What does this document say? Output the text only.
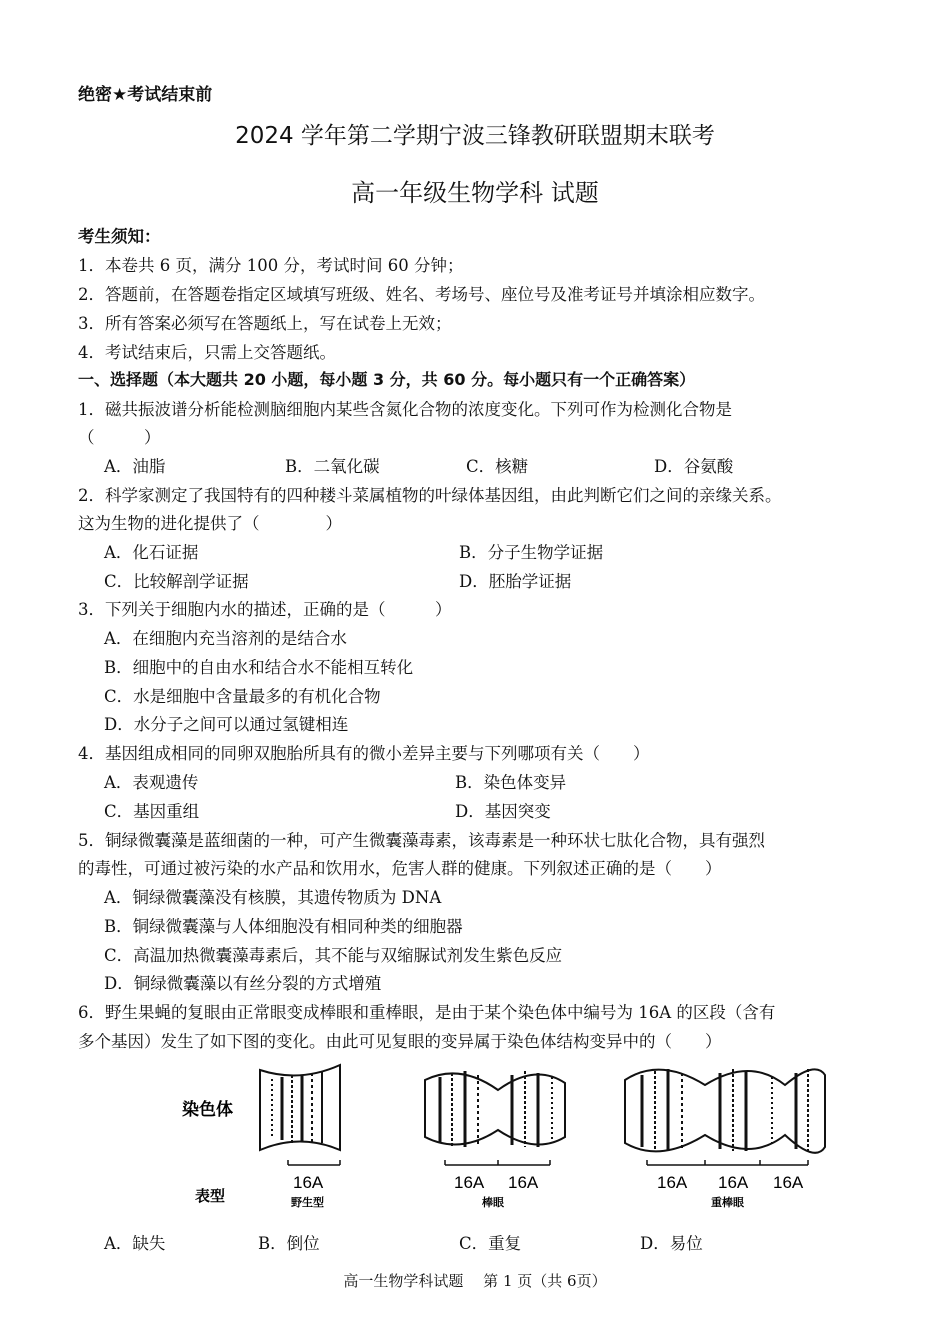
绝密★考试结束前
2024 学年第二学期宁波三锋教研联盟期末联考
高一年级生物学科 试题
考生须知：
1．本卷共 6 页，满分 100 分，考试时间 60 分钟；
2．答题前，在答题卷指定区域填写班级、姓名、考场号、座位号及准考证号并填涂相应数字。
3．所有答案必须写在答题纸上，写在试卷上无效；
4．考试结束后，只需上交答题纸。
一、选择题（本大题共 20 小题，每小题 3 分，共 60 分。每小题只有一个正确答案）
1．磁共振波谱分析能检测脑细胞内某些含氮化合物的浓度变化。下列可作为检测化合物是
（　　　）
A．油脂	B．二氧化碳	C．核糖	D．谷氨酸
2．科学家测定了我国特有的四种耧斗菜属植物的叶绿体基因组，由此判断它们之间的亲缘关系。
这为生物的进化提供了（　　　　）
A．化石证据	B．分子生物学证据
C．比较解剖学证据	D．胚胎学证据
3．下列关于细胞内水的描述，正确的是（　　　）
A．在细胞内充当溶剂的是结合水
B．细胞中的自由水和结合水不能相互转化
C．水是细胞中含量最多的有机化合物
D．水分子之间可以通过氢键相连
4．基因组成相同的同卵双胞胎所具有的微小差异主要与下列哪项有关（　　）
A．表观遗传	B．染色体变异
C．基因重组	D．基因突变
5．铜绿微囊藻是蓝细菌的一种，可产生微囊藻毒素，该毒素是一种环状七肽化合物，具有强烈
的毒性，可通过被污染的水产品和饮用水，危害人群的健康。下列叙述正确的是（　　）
A．铜绿微囊藻没有核膜，其遗传物质为 DNA
B．铜绿微囊藻与人体细胞没有相同种类的细胞器
C．高温加热微囊藻毒素后，其不能与双缩脲试剂发生紫色反应
D．铜绿微囊藻以有丝分裂的方式增殖
6．野生果蝇的复眼由正常眼变成棒眼和重棒眼，是由于某个染色体中编号为 16A 的区段（含有
多个基因）发生了如下图的变化。由此可见复眼的变异属于染色体结构变异中的（　　）
染色体
表型
16A
野生型
16A 16A
棒眼
16A 16A 16A
重棒眼
A．缺失	B．倒位	C．重复	D．易位
高一生物学科试题　 第 1 页（共 6页）
